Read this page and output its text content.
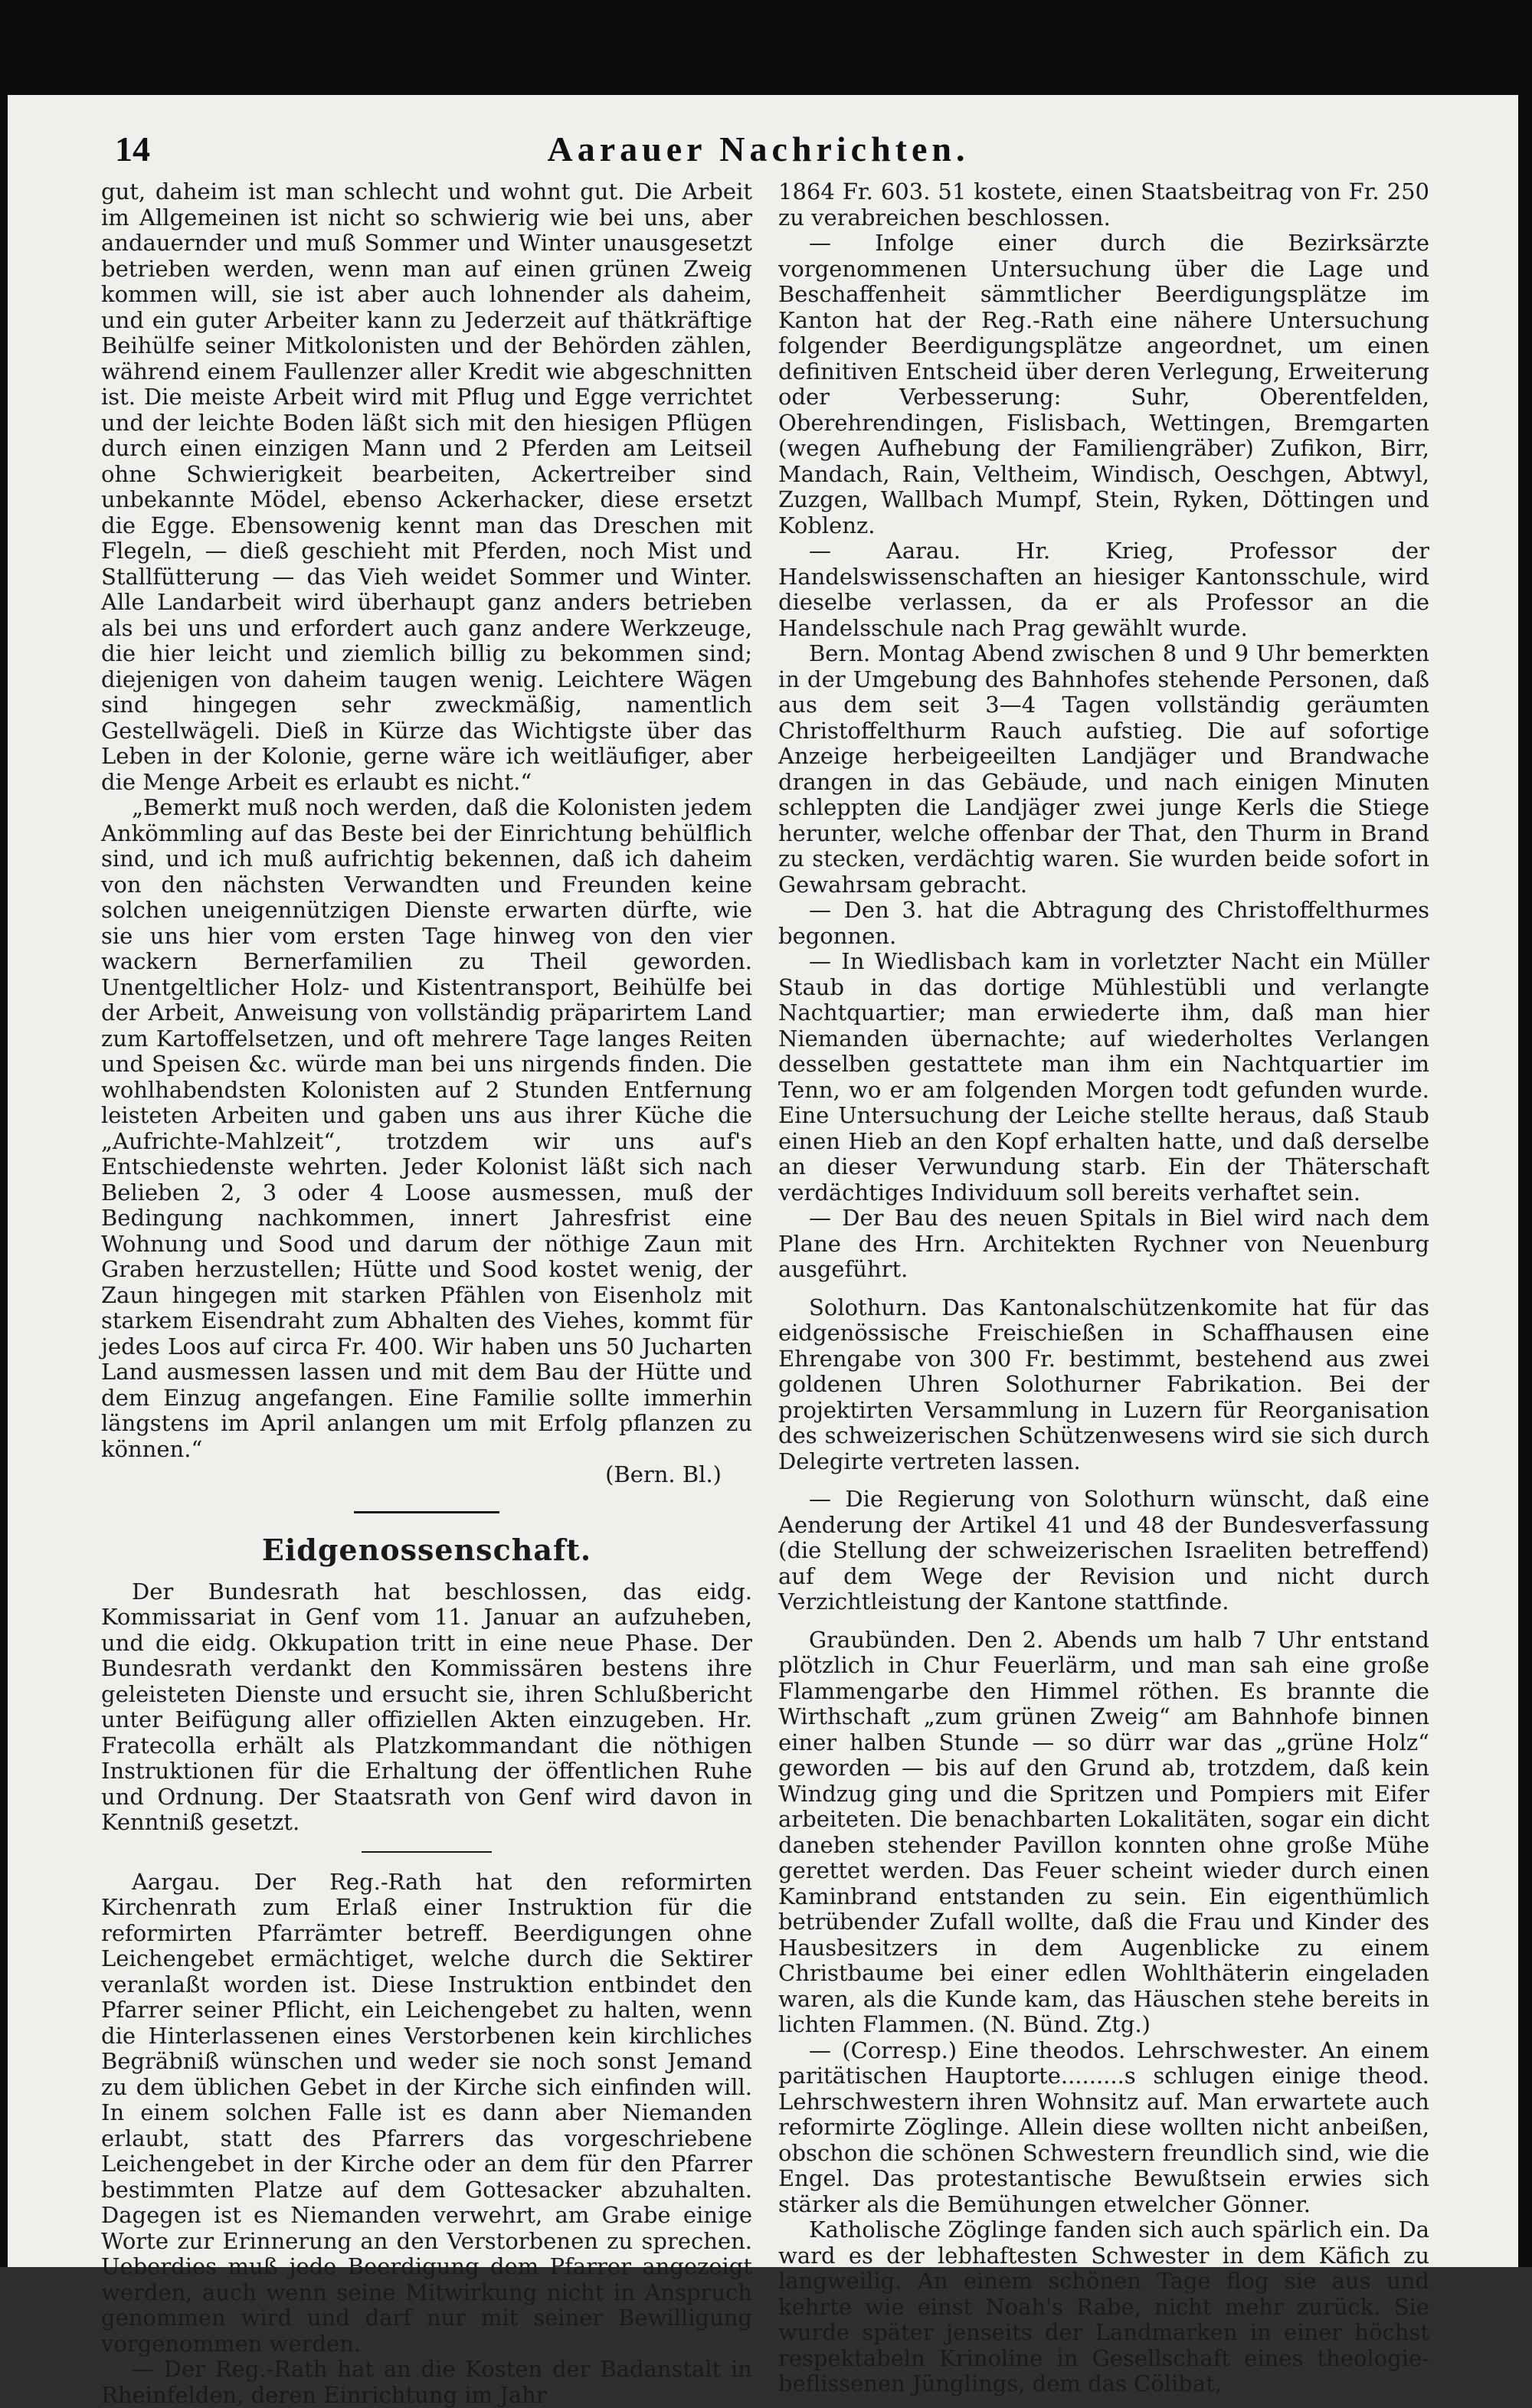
14	Aarauer Nachrichten.

gut, daheim ist man schlecht und wohnt gut. Die Arbeit im Allgemeinen ist nicht so schwierig wie bei uns, aber andauernder und muß Sommer und Winter unausgesetzt betrieben werden, wenn man auf einen grünen Zweig kommen will, sie ist aber auch lohnender als daheim, und ein guter Arbeiter kann zu Jederzeit auf thätkräftige Beihülfe seiner Mitkolonisten und der Behörden zählen, während einem Faullenzer aller Kredit wie abgeschnitten ist. Die meiste Arbeit wird mit Pflug und Egge verrichtet und der leichte Boden läßt sich mit den hiesigen Pflügen durch einen einzigen Mann und 2 Pferden am Leitseil ohne Schwierigkeit bearbeiten, Ackertreiber sind unbekannte Mödel, ebenso Ackerhacker, diese ersetzt die Egge. Ebensowenig kennt man das Dreschen mit Flegeln, — dieß geschieht mit Pferden, noch Mist und Stallfütterung — das Vieh weidet Sommer und Winter. Alle Landarbeit wird überhaupt ganz anders betrieben als bei uns und erfordert auch ganz andere Werkzeuge, die hier leicht und ziemlich billig zu bekommen sind; diejenigen von daheim taugen wenig. Leichtere Wägen sind hingegen sehr zweckmäßig, namentlich Gestellwägeli. Dieß in Kürze das Wichtigste über das Leben in der Kolonie, gerne wäre ich weitläufiger, aber die Menge Arbeit es erlaubt es nicht.“

„Bemerkt muß noch werden, daß die Kolonisten jedem Ankömmling auf das Beste bei der Einrichtung behülflich sind, und ich muß aufrichtig bekennen, daß ich daheim von den nächsten Verwandten und Freunden keine solchen uneigennützigen Dienste erwarten dürfte, wie sie uns hier vom ersten Tage hinweg von den vier wackern Bernerfamilien zu Theil geworden. Unentgeltlicher Holz- und Kistentransport, Beihülfe bei der Arbeit, Anweisung von vollständig präparirtem Land zum Kartoffelsetzen, und oft mehrere Tage langes Reiten und Speisen &c. würde man bei uns nirgends finden. Die wohlhabendsten Kolonisten auf 2 Stunden Entfernung leisteten Arbeiten und gaben uns aus ihrer Küche die „Aufrichte-Mahlzeit“, trotzdem wir uns auf's Entschiedenste wehrten. Jeder Kolonist läßt sich nach Belieben 2, 3 oder 4 Loose ausmessen, muß der Bedingung nachkommen, innert Jahresfrist eine Wohnung und Sood und darum der nöthige Zaun mit Graben herzustellen; Hütte und Sood kostet wenig, der Zaun hingegen mit starken Pfählen von Eisenholz mit starkem Eisendraht zum Abhalten des Viehes, kommt für jedes Loos auf circa Fr. 400. Wir haben uns 50 Jucharten Land ausmessen lassen und mit dem Bau der Hütte und dem Einzug angefangen. Eine Familie sollte immerhin längstens im April anlangen um mit Erfolg pflanzen zu können.“

(Bern. Bl.)

Eidgenossenschaft.

Der Bundesrath hat beschlossen, das eidg. Kommissariat in Genf vom 11. Januar an aufzuheben, und die eidg. Okkupation tritt in eine neue Phase. Der Bundesrath verdankt den Kommissären bestens ihre geleisteten Dienste und ersucht sie, ihren Schlußbericht unter Beifügung aller offiziellen Akten einzugeben. Hr. Fratecolla erhält als Platzkommandant die nöthigen Instruktionen für die Erhaltung der öffentlichen Ruhe und Ordnung. Der Staatsrath von Genf wird davon in Kenntniß gesetzt.

Aargau. Der Reg.-Rath hat den reformirten Kirchenrath zum Erlaß einer Instruktion für die reformirten Pfarrämter betreff. Beerdigungen ohne Leichengebet ermächtiget, welche durch die Sektirer veranlaßt worden ist. Diese Instruktion entbindet den Pfarrer seiner Pflicht, ein Leichengebet zu halten, wenn die Hinterlassenen eines Verstorbenen kein kirchliches Begräbniß wünschen und weder sie noch sonst Jemand zu dem üblichen Gebet in der Kirche sich einfinden will. In einem solchen Falle ist es dann aber Niemanden erlaubt, statt des Pfarrers das vorgeschriebene Leichengebet in der Kirche oder an dem für den Pfarrer bestimmten Platze auf dem Gottesacker abzuhalten. Dagegen ist es Niemanden verwehrt, am Grabe einige Worte zur Erinnerung an den Verstorbenen zu sprechen. Ueberdies muß jede Beerdigung dem Pfarrer angezeigt werden, auch wenn seine Mitwirkung nicht in Anspruch genommen wird und darf nur mit seiner Bewilligung vorgenommen werden.

— Der Reg.-Rath hat an die Kosten der Badanstalt in Rheinfelden, deren Einrichtung im Jahr

1864 Fr. 603. 51 kostete, einen Staatsbeitrag von Fr. 250 zu verabreichen beschlossen.

— Infolge einer durch die Bezirksärzte vorgenommenen Untersuchung über die Lage und Beschaffenheit sämmtlicher Beerdigungsplätze im Kanton hat der Reg.-Rath eine nähere Untersuchung folgender Beerdigungsplätze angeordnet, um einen definitiven Entscheid über deren Verlegung, Erweiterung oder Verbesserung: Suhr, Oberentfelden, Oberehrendingen, Fislisbach, Wettingen, Bremgarten (wegen Aufhebung der Familiengräber) Zufikon, Birr, Mandach, Rain, Veltheim, Windisch, Oeschgen, Abtwyl, Zuzgen, Wallbach Mumpf, Stein, Ryken, Döttingen und Koblenz.

— Aarau. Hr. Krieg, Professor der Handelswissenschaften an hiesiger Kantonsschule, wird dieselbe verlassen, da er als Professor an die Handelsschule nach Prag gewählt wurde.

Bern. Montag Abend zwischen 8 und 9 Uhr bemerkten in der Umgebung des Bahnhofes stehende Personen, daß aus dem seit 3—4 Tagen vollständig geräumten Christoffelthurm Rauch aufstieg. Die auf sofortige Anzeige herbeigeeilten Landjäger und Brandwache drangen in das Gebäude, und nach einigen Minuten schleppten die Landjäger zwei junge Kerls die Stiege herunter, welche offenbar der That, den Thurm in Brand zu stecken, verdächtig waren. Sie wurden beide sofort in Gewahrsam gebracht.

— Den 3. hat die Abtragung des Christoffelthurmes begonnen.

— In Wiedlisbach kam in vorletzter Nacht ein Müller Staub in das dortige Mühlestübli und verlangte Nachtquartier; man erwiederte ihm, daß man hier Niemanden übernachte; auf wiederholtes Verlangen desselben gestattete man ihm ein Nachtquartier im Tenn, wo er am folgenden Morgen todt gefunden wurde. Eine Untersuchung der Leiche stellte heraus, daß Staub einen Hieb an den Kopf erhalten hatte, und daß derselbe an dieser Verwundung starb. Ein der Thäterschaft verdächtiges Individuum soll bereits verhaftet sein.

— Der Bau des neuen Spitals in Biel wird nach dem Plane des Hrn. Architekten Rychner von Neuenburg ausgeführt.

Solothurn. Das Kantonalschützenkomite hat für das eidgenössische Freischießen in Schaffhausen eine Ehrengabe von 300 Fr. bestimmt, bestehend aus zwei goldenen Uhren Solothurner Fabrikation. Bei der projektirten Versammlung in Luzern für Reorganisation des schweizerischen Schützenwesens wird sie sich durch Delegirte vertreten lassen.

— Die Regierung von Solothurn wünscht, daß eine Aenderung der Artikel 41 und 48 der Bundesverfassung (die Stellung der schweizerischen Israeliten betreffend) auf dem Wege der Revision und nicht durch Verzichtleistung der Kantone stattfinde.

Graubünden. Den 2. Abends um halb 7 Uhr entstand plötzlich in Chur Feuerlärm, und man sah eine große Flammengarbe den Himmel röthen. Es brannte die Wirthschaft „zum grünen Zweig“ am Bahnhofe binnen einer halben Stunde — so dürr war das „grüne Holz“ geworden — bis auf den Grund ab, trotzdem, daß kein Windzug ging und die Spritzen und Pompiers mit Eifer arbeiteten. Die benachbarten Lokalitäten, sogar ein dicht daneben stehender Pavillon konnten ohne große Mühe gerettet werden. Das Feuer scheint wieder durch einen Kaminbrand entstanden zu sein. Ein eigenthümlich betrübender Zufall wollte, daß die Frau und Kinder des Hausbesitzers in dem Augenblicke zu einem Christbaume bei einer edlen Wohlthäterin eingeladen waren, als die Kunde kam, das Häuschen stehe bereits in lichten Flammen. (N. Bünd. Ztg.)

— (Corresp.) Eine theodos. Lehrschwester. An einem paritätischen Hauptorte.........s schlugen einige theod. Lehrschwestern ihren Wohnsitz auf. Man erwartete auch reformirte Zöglinge. Allein diese wollten nicht anbeißen, obschon die schönen Schwestern freundlich sind, wie die Engel. Das protestantische Bewußtsein erwies sich stärker als die Bemühungen etwelcher Gönner.

Katholische Zöglinge fanden sich auch spärlich ein. Da ward es der lebhaftesten Schwester in dem Käfich zu langweilig. An einem schönen Tage flog sie aus und kehrte wie einst Noah's Rabe, nicht mehr zurück. Sie wurde später jenseits der Landmarken in einer höchst respektabeln Krinoline in Gesellschaft eines theologie-beflissenen Jünglings, dem das Cölibat,
